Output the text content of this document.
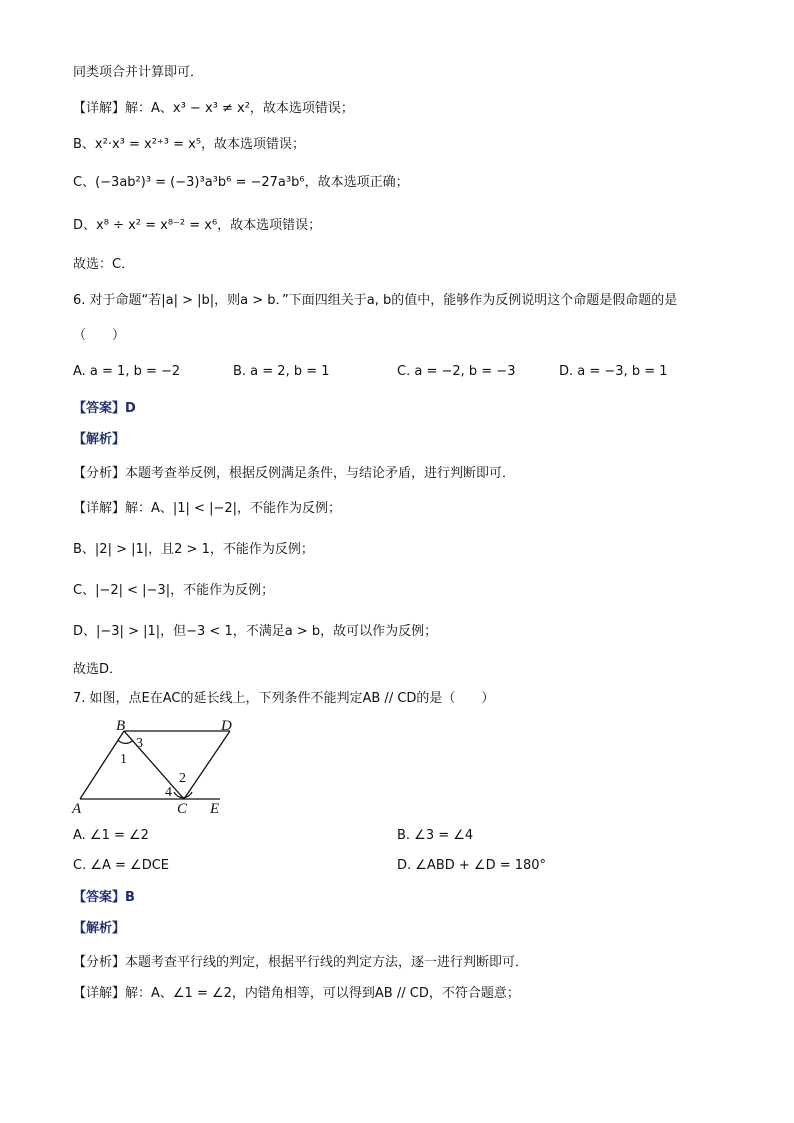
同类项合并计算即可．
【详解】解：A、x³ − x³ ≠ x²，故本选项错误；
B、x²·x³ = x²⁺³ = x⁵，故本选项错误；
C、(−3ab²)³ = (−3)³a³b⁶ = −27a³b⁶，故本选项正确；
D、x⁸ ÷ x² = x⁸⁻² = x⁶，故本选项错误；
故选：C．
6. 对于命题“若|a| > |b|，则a > b．”下面四组关于a, b的值中，能够作为反例说明这个命题是假命题的是
（　　）
A. a = 1, b = −2	B. a = 2, b = 1	C. a = −2, b = −3	D. a = −3, b = 1
【答案】D
【解析】
【分析】本题考查举反例，根据反例满足条件，与结论矛盾，进行判断即可．
【详解】解：A、|1| < |−2|，不能作为反例；
B、|2| > |1|，且2 > 1，不能作为反例；
C、|−2| < |−3|，不能作为反例；
D、|−3| > |1|，但−3 < 1，不满足a > b，故可以作为反例；
故选D．
7. 如图，点E在AC的延长线上，下列条件不能判定AB // CD的是（　　）
B	D
A	C E
3
1
2
4
A. ∠1 = ∠2	B. ∠3 = ∠4
C. ∠A = ∠DCE	D. ∠ABD + ∠D = 180°
【答案】B
【解析】
【分析】本题考查平行线的判定，根据平行线的判定方法，逐一进行判断即可．
【详解】解：A、∠1 = ∠2，内错角相等，可以得到AB // CD，不符合题意；
